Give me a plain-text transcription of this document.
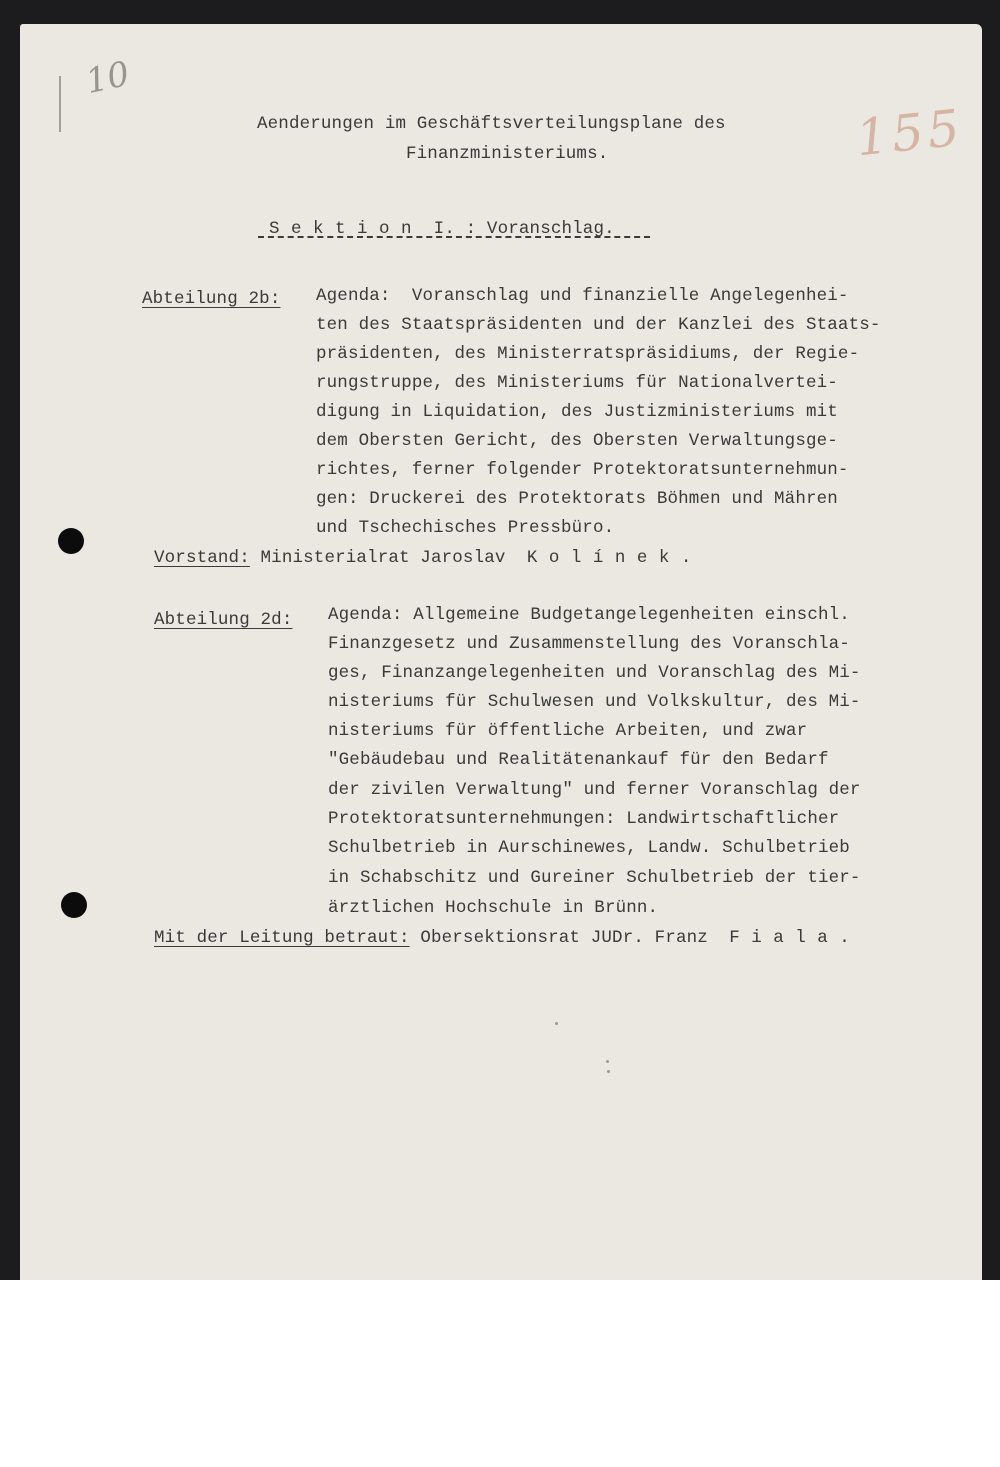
10
155
Aenderungen im Geschäftsverteilungsplane des
Finanzministeriums.
Sektion I. : Voranschlag.
Abteilung 2b: Agenda:  Voranschlag und finanzielle Angelegenhei-
ten des Staatspräsidenten und der Kanzlei des Staats-
präsidenten, des Ministerratspräsidiums, der Regie-
rungstruppe, des Ministeriums für Nationalvertei-
digung in Liquidation, des Justizministeriums mit
dem Obersten Gericht, des Obersten Verwaltungsge-
richtes, ferner folgender Protektoratsunternehmun-
gen: Druckerei des Protektorats Böhmen und Mähren
und Tschechisches Pressbüro.
Vorstand: Ministerialrat Jaroslav Kolínek.
Abteilung 2d: Agenda: Allgemeine Budgetangelegenheiten einschl.
Finanzgesetz und Zusammenstellung des Voranschla-
ges, Finanzangelegenheiten und Voranschlag des Mi-
nisteriums für Schulwesen und Volkskultur, des Mi-
nisteriums für öffentliche Arbeiten, und zwar
"Gebäudebau und Realitätenankauf für den Bedarf
der zivilen Verwaltung" und ferner Voranschlag der
Protektoratsunternehmungen: Landwirtschaftlicher
Schulbetrieb in Aurschinewes, Landw. Schulbetrieb
in Schabschitz und Gureiner Schulbetrieb der tier-
ärztlichen Hochschule in Brünn.
Mit der Leitung betraut: Obersektionsrat JUDr. Franz Fiala.
